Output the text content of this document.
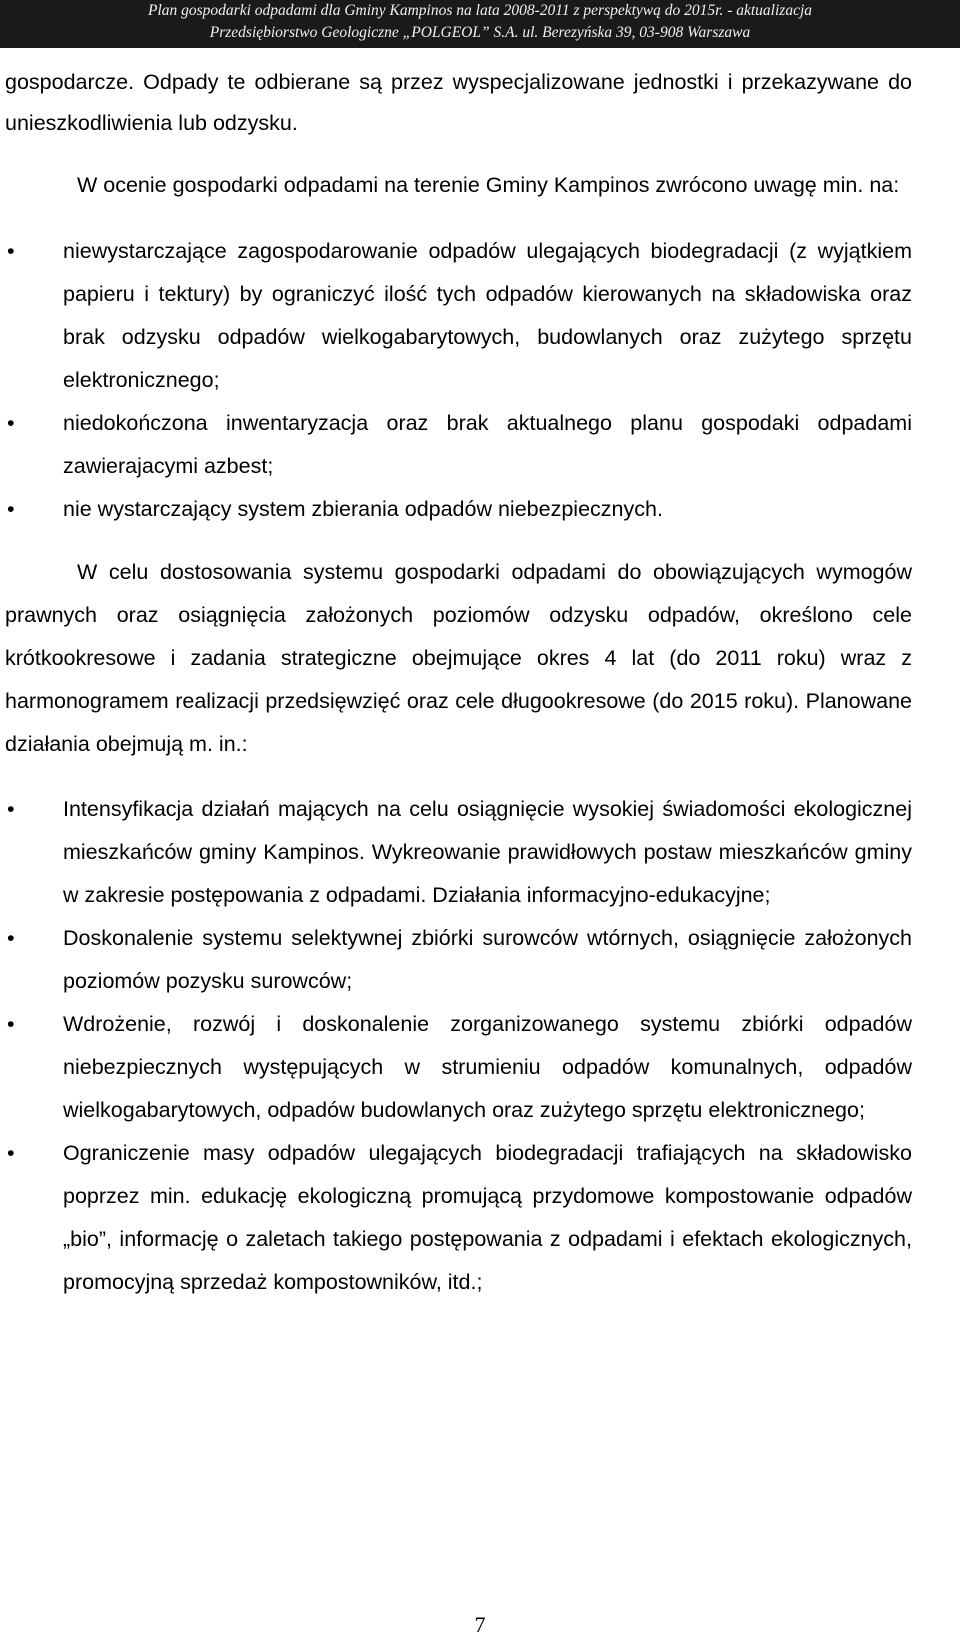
Plan gospodarki odpadami dla Gminy Kampinos na lata 2008-2011 z perspektywą do 2015r. - aktualizacja
Przedsiębiorstwo Geologiczne „POLGEOL” S.A. ul. Berezyńska 39, 03-908 Warszawa

gospodarcze. Odpady te odbierane są przez wyspecjalizowane jednostki i przekazywane do unieszkodliwienia lub odzysku.

W ocenie gospodarki odpadami na terenie Gminy Kampinos zwrócono uwagę min. na:

• niewystarczające zagospodarowanie odpadów ulegających biodegradacji (z wyjątkiem papieru i tektury) by ograniczyć ilość tych odpadów kierowanych na składowiska oraz brak odzysku odpadów wielkogabarytowych, budowlanych oraz zużytego sprzętu elektronicznego;
• niedokończona inwentaryzacja oraz brak aktualnego planu gospodaki odpadami zawierajacymi azbest;
• nie wystarczający system zbierania odpadów niebezpiecznych.

W celu dostosowania systemu gospodarki odpadami do obowiązujących wymogów prawnych oraz osiągnięcia założonych poziomów odzysku odpadów, określono cele krótkookresowe i zadania strategiczne obejmujące okres 4 lat (do 2011 roku) wraz z harmonogramem realizacji przedsięwzięć oraz cele długookresowe (do 2015 roku). Planowane działania obejmują m. in.:

• Intensyfikacja działań mających na celu osiągnięcie wysokiej świadomości ekologicznej mieszkańców gminy Kampinos. Wykreowanie prawidłowych postaw mieszkańców gminy w zakresie postępowania z odpadami. Działania informacyjno-edukacyjne;
• Doskonalenie systemu selektywnej zbiórki surowców wtórnych, osiągnięcie założonych poziomów pozysku surowców;
• Wdrożenie, rozwój i doskonalenie zorganizowanego systemu zbiórki odpadów niebezpiecznych występujących w strumieniu odpadów komunalnych, odpadów wielkogabarytowych, odpadów budowlanych oraz zużytego sprzętu elektronicznego;
• Ograniczenie masy odpadów ulegających biodegradacji trafiających na składowisko poprzez min. edukację ekologiczną promującą przydomowe kompostowanie odpadów „bio”, informację o zaletach takiego postępowania z odpadami i efektach ekologicznych, promocyjną sprzedaż kompostowników, itd.;
7
